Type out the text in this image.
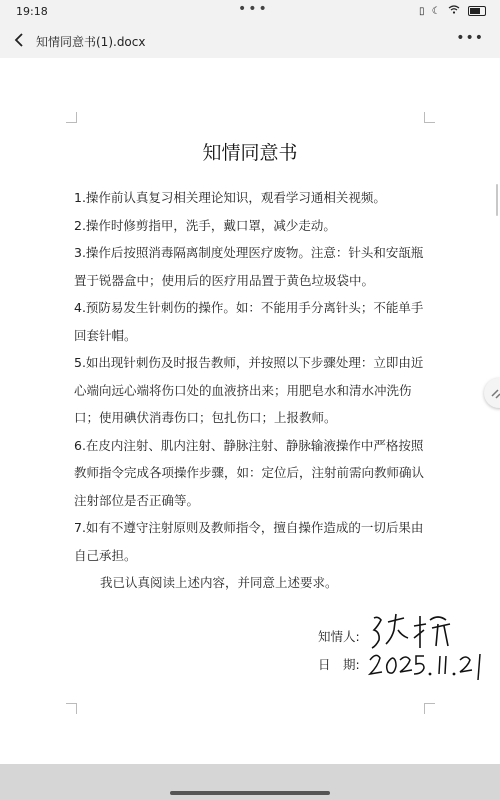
19:18	•••	▯ ☾
知情同意书(1).docx	•••
知情同意书

1.操作前认真复习相关理论知识，观看学习通相关视频。

2.操作时修剪指甲，洗手，戴口罩，减少走动。

3.操作后按照消毒隔离制度处理医疗废物。注意：针头和安瓿瓶置于锐器盒中；使用后的医疗用品置于黄色垃圾袋中。

4.预防易发生针刺伤的操作。如：不能用手分离针头；不能单手回套针帽。

5.如出现针刺伤及时报告教师，并按照以下步骤处理：立即由近心端向远心端将伤口处的血液挤出来；用肥皂水和清水冲洗伤口；使用碘伏消毒伤口；包扎伤口；上报教师。

6.在皮内注射、肌内注射、静脉注射、静脉输液操作中严格按照教师指令完成各项操作步骤，如：定位后，注射前需向教师确认注射部位是否正确等。

7.如有不遵守注射原则及教师指令，擅自操作造成的一切后果由自己承担。

我已认真阅读上述内容，并同意上述要求。
知情人:
日　期:
